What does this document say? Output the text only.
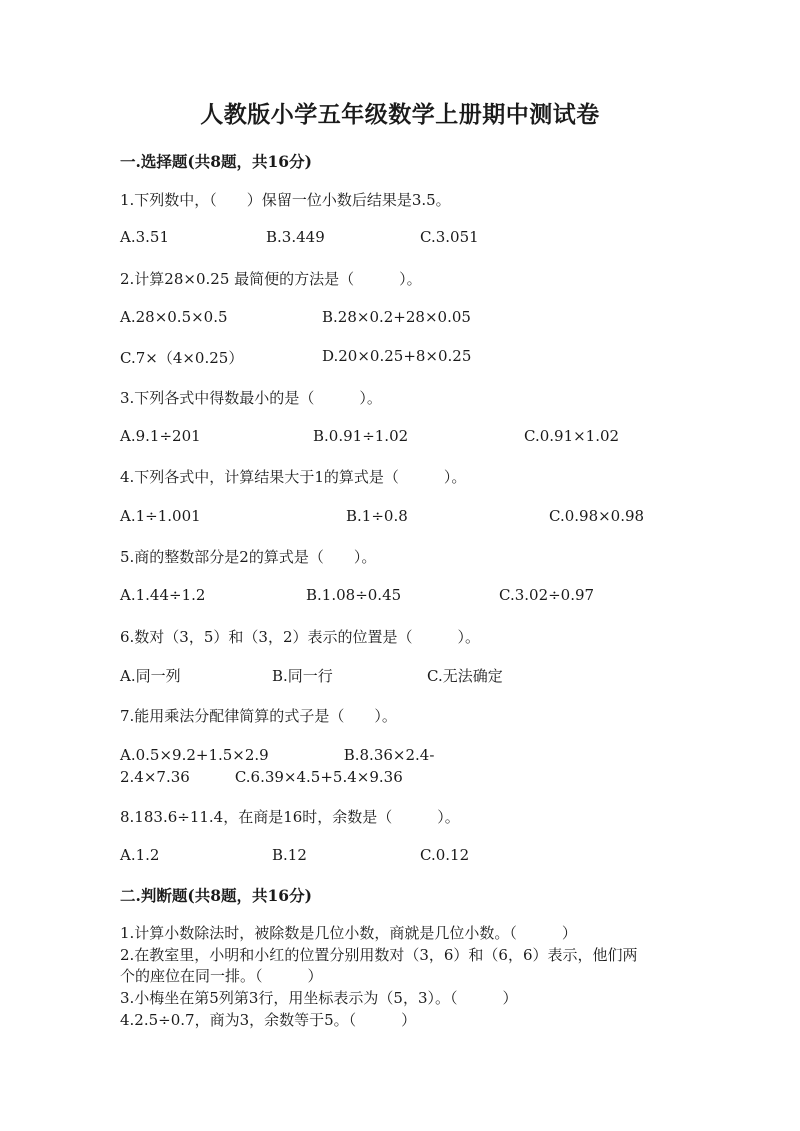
人教版小学五年级数学上册期中测试卷
一.选择题(共8题，共16分)
1.下列数中，（　　）保留一位小数后结果是3.5。
A.3.51	B.3.449	C.3.051
2.计算28×0.25 最简便的方法是（　　　）。
A.28×0.5×0.5	B.28×0.2+28×0.05
C.7×（4×0.25）	D.20×0.25+8×0.25
3.下列各式中得数最小的是（　　　）。
A.9.1÷201	B.0.91÷1.02	C.0.91×1.02
4.下列各式中，计算结果大于1的算式是（　　　）。
A.1÷1.001	B.1÷0.8	C.0.98×0.98
5.商的整数部分是2的算式是（　　）。
A.1.44÷1.2	B.1.08÷0.45	C.3.02÷0.97
6.数对（3，5）和（3，2）表示的位置是（　　　）。
A.同一列	B.同一行	C.无法确定
7.能用乘法分配律简算的式子是（　　）。
A.0.5×9.2+1.5×2.9　　　　　B.8.36×2.4-
2.4×7.36　　　C.6.39×4.5+5.4×9.36
8.183.6÷11.4，在商是16时，余数是（　　　）。
A.1.2	B.12	C.0.12
二.判断题(共8题，共16分)
1.计算小数除法时，被除数是几位小数，商就是几位小数。（　　　）
2.在教室里，小明和小红的位置分别用数对（3，6）和（6，6）表示，他们两
个的座位在同一排。（　　　）
3.小梅坐在第5列第3行，用坐标表示为（5，3）。（　　　）
4.2.5÷0.7，商为3，余数等于5。（　　　）
